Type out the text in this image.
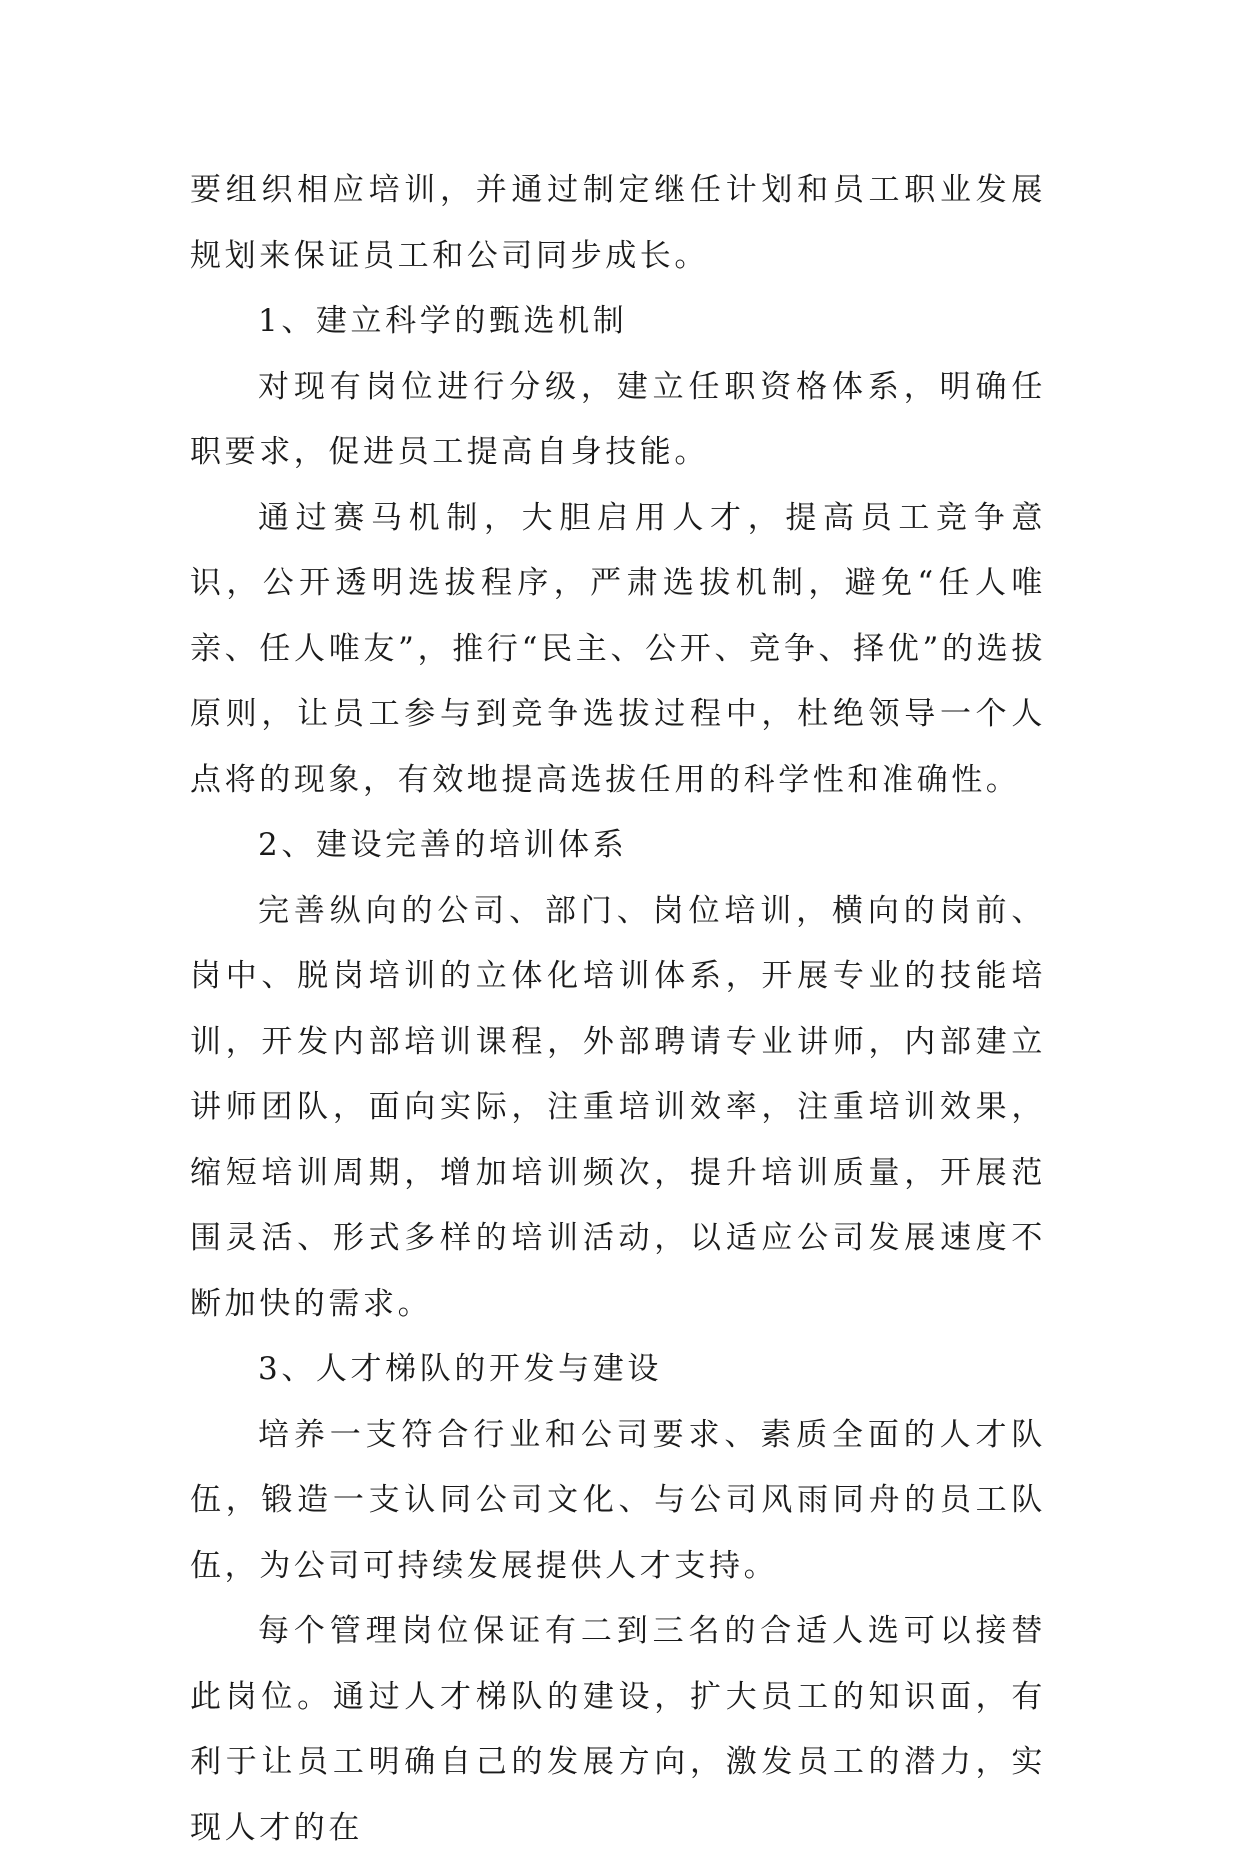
要组织相应培训，并通过制定继任计划和员工职业发展规划来保证员工和公司同步成长。

1、建立科学的甄选机制

对现有岗位进行分级，建立任职资格体系，明确任职要求，促进员工提高自身技能。

通过赛马机制，大胆启用人才，提高员工竞争意识，公开透明选拔程序，严肃选拔机制，避免“任人唯亲、任人唯友”，推行“民主、公开、竞争、择优”的选拔原则，让员工参与到竞争选拔过程中，杜绝领导一个人点将的现象，有效地提高选拔任用的科学性和准确性。

2、建设完善的培训体系

完善纵向的公司、部门、岗位培训，横向的岗前、岗中、脱岗培训的立体化培训体系，开展专业的技能培训，开发内部培训课程，外部聘请专业讲师，内部建立讲师团队，面向实际，注重培训效率，注重培训效果，缩短培训周期，增加培训频次，提升培训质量，开展范围灵活、形式多样的培训活动，以适应公司发展速度不断加快的需求。

3、人才梯队的开发与建设

培养一支符合行业和公司要求、素质全面的人才队伍，锻造一支认同公司文化、与公司风雨同舟的员工队伍，为公司可持续发展提供人才支持。

每个管理岗位保证有二到三名的合适人选可以接替此岗位。通过人才梯队的建设，扩大员工的知识面，有利于让员工明确自己的发展方向，激发员工的潜力，实现人才的在
